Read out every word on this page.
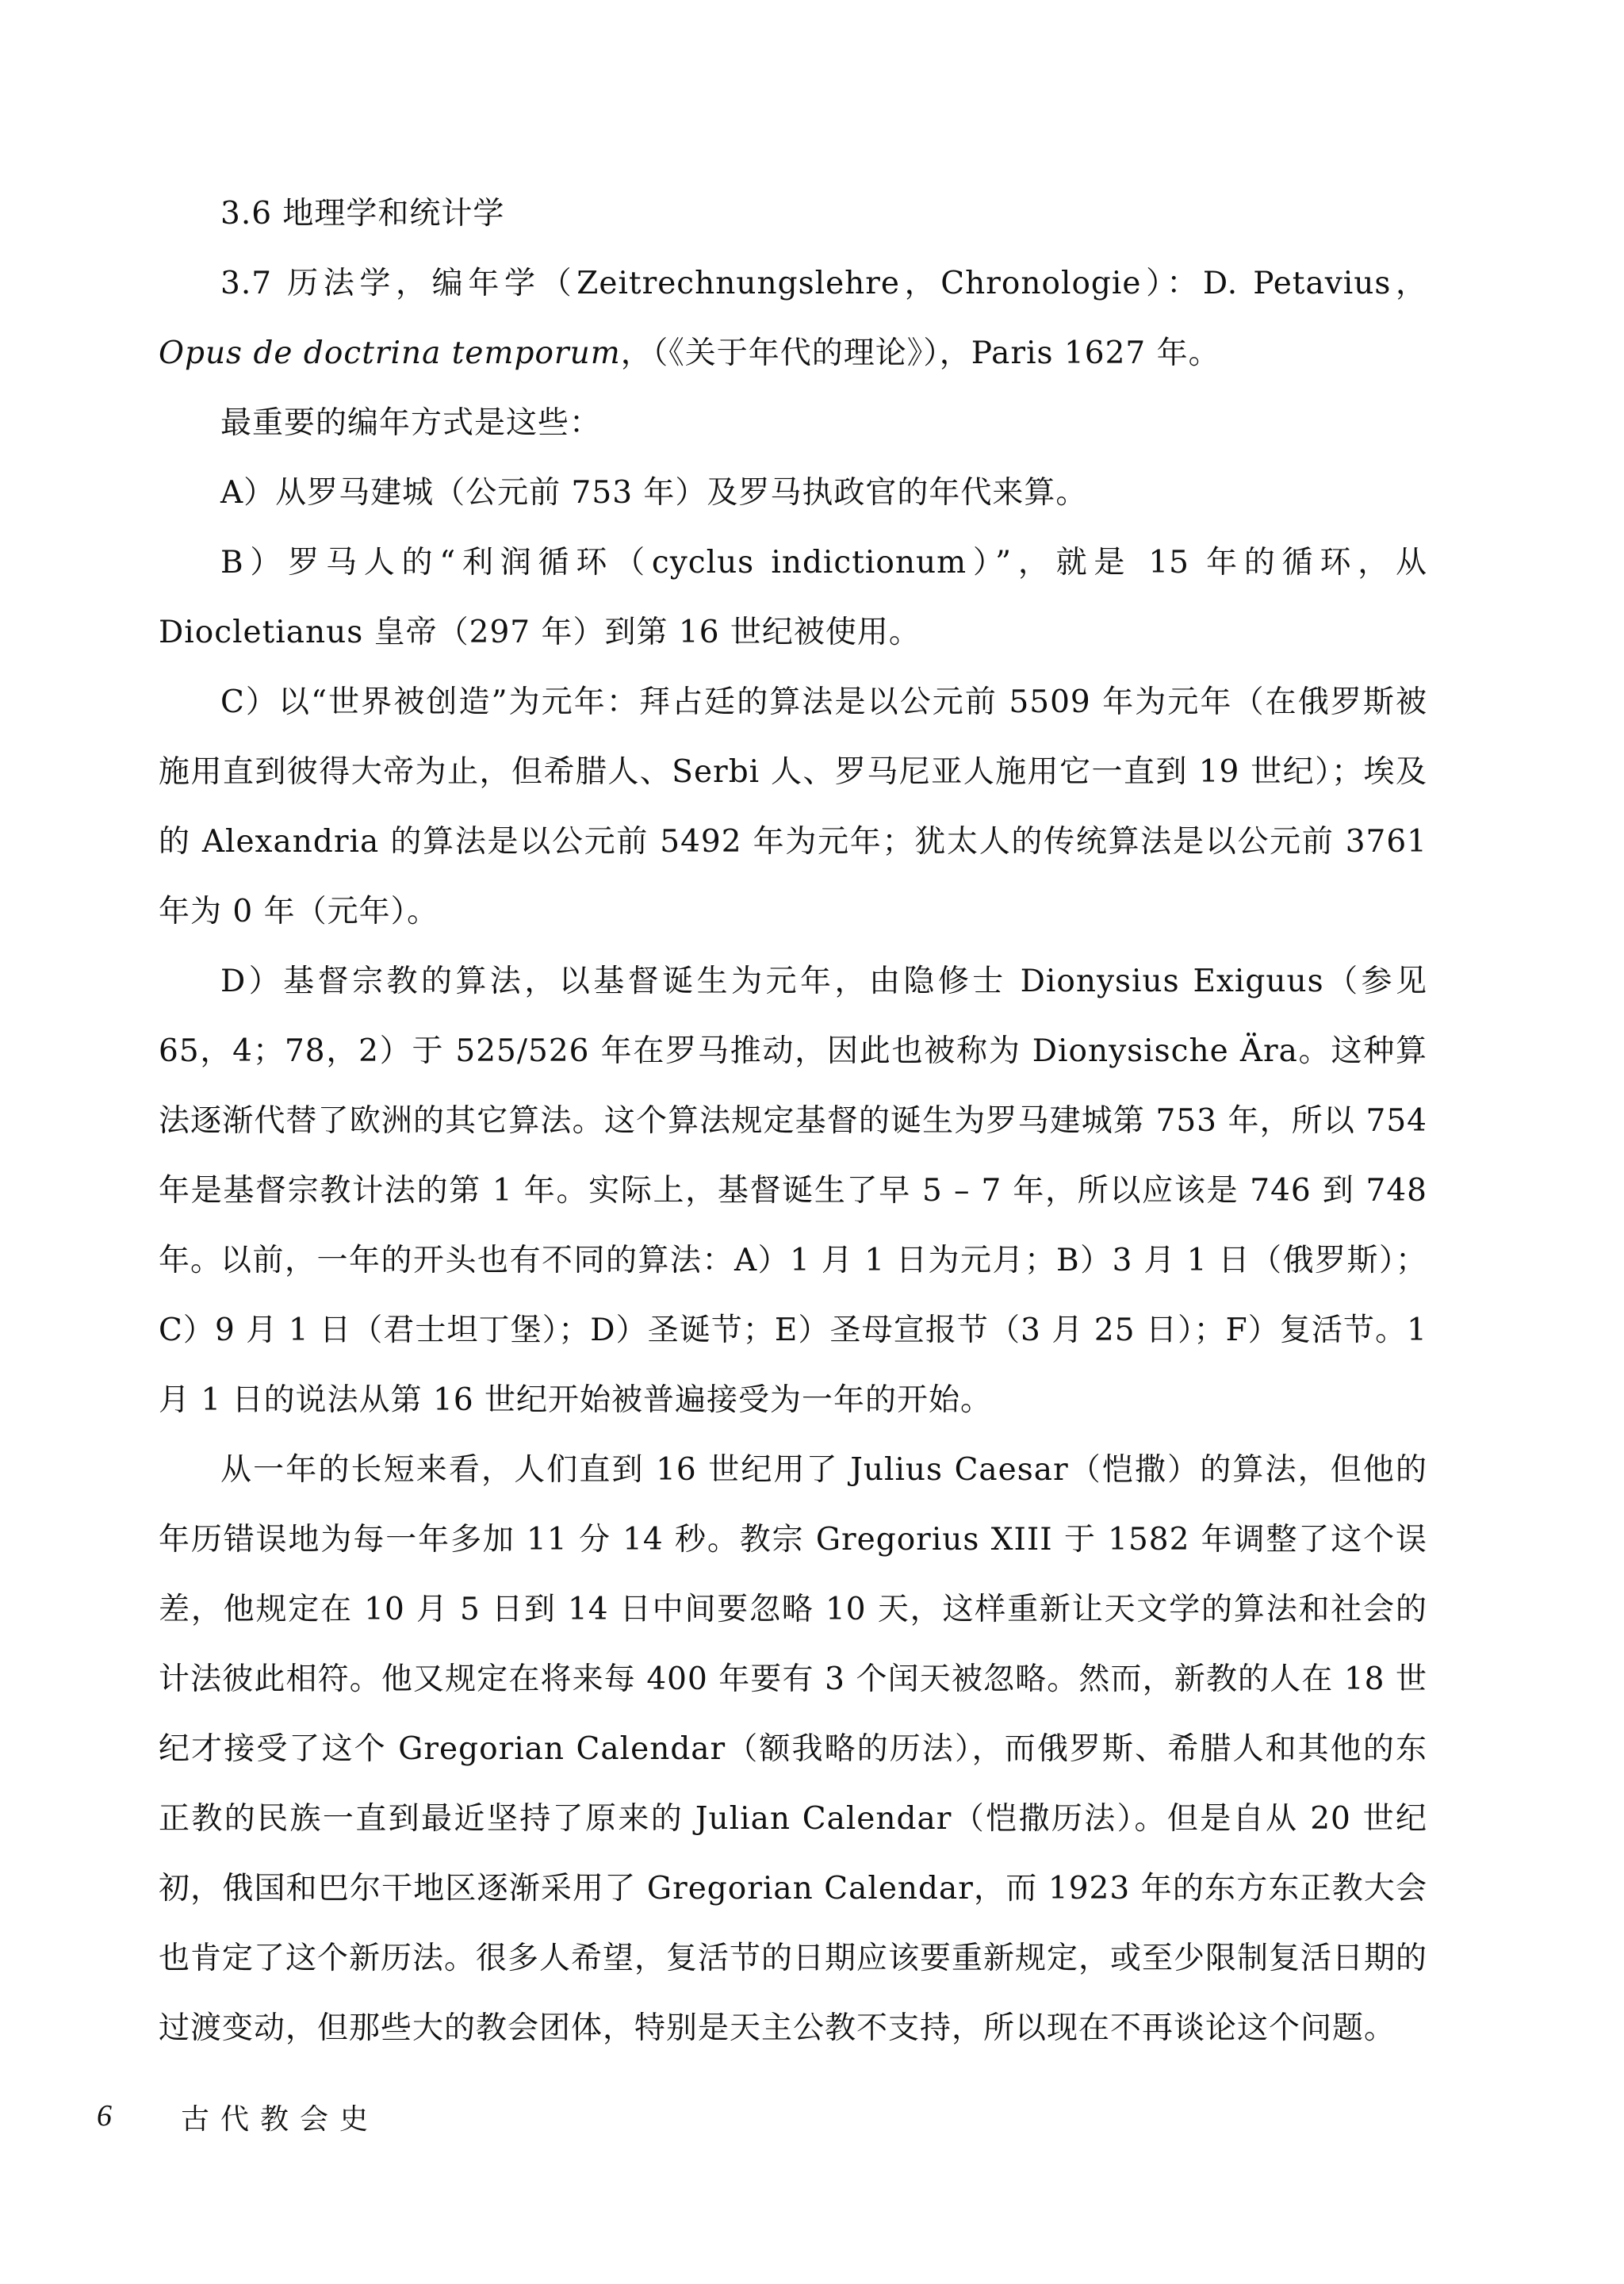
3.6 地理学和统计学

3.7 历法学，编年学（Zeitrechnungslehre，Chronologie）：D. Petavius，Opus de doctrina temporum，（《关于年代的理论》），Paris 1627 年。

最重要的编年方式是这些：

A）从罗马建城（公元前 753 年）及罗马执政官的年代来算。

B）罗马人的“利润循环（cyclus indictionum）”，就是 15 年的循环，从 Diocletianus 皇帝（297 年）到第 16 世纪被使用。

C）以“世界被创造”为元年：拜占廷的算法是以公元前 5509 年为元年（在俄罗斯被施用直到彼得大帝为止，但希腊人、Serbi 人、罗马尼亚人施用它一直到 19 世纪）；埃及的 Alexandria 的算法是以公元前 5492 年为元年；犹太人的传统算法是以公元前 3761 年为 0 年（元年）。

D）基督宗教的算法，以基督诞生为元年，由隐修士 Dionysius Exiguus（参见 65，4；78，2）于 525/526 年在罗马推动，因此也被称为 Dionysische Ära。这种算法逐渐代替了欧洲的其它算法。这个算法规定基督的诞生为罗马建城第 753 年，所以 754 年是基督宗教计法的第 1 年。实际上，基督诞生了早 5 – 7 年，所以应该是 746 到 748 年。

以前，一年的开头也有不同的算法：A）1 月 1 日为元月；B）3 月 1 日（俄罗斯）；C）9 月 1 日（君士坦丁堡）；D）圣诞节；E）圣母宣报节（3 月 25 日）；F）复活节。1 月 1 日的说法从第 16 世纪开始被普遍接受为一年的开始。

从一年的长短来看，人们直到 16 世纪用了 Julius Caesar（恺撒）的算法，但他的年历错误地为每一年多加 11 分 14 秒。教宗 Gregorius XIII 于 1582 年调整了这个误差，他规定在 10 月 5 日到 14 日中间要忽略 10 天，这样重新让天文学的算法和社会的计法彼此相符。他又规定在将来每 400 年要有 3 个闰天被忽略。然而，新教的人在 18 世纪才接受了这个 Gregorian Calendar（额我略的历法），而俄罗斯、希腊人和其他的东正教的民族一直到最近坚持了原来的 Julian Calendar（恺撒历法）。但是自从 20 世纪初，俄国和巴尔干地区逐渐采用了 Gregorian Calendar，而 1923 年的东方东正教大会也肯定了这个新历法。很多人希望，复活节的日期应该要重新规定，或至少限制复活日期的过渡变动，但那些大的教会团体，特别是天主公教不支持，所以现在不再谈论这个问题。

6 古代教会史
